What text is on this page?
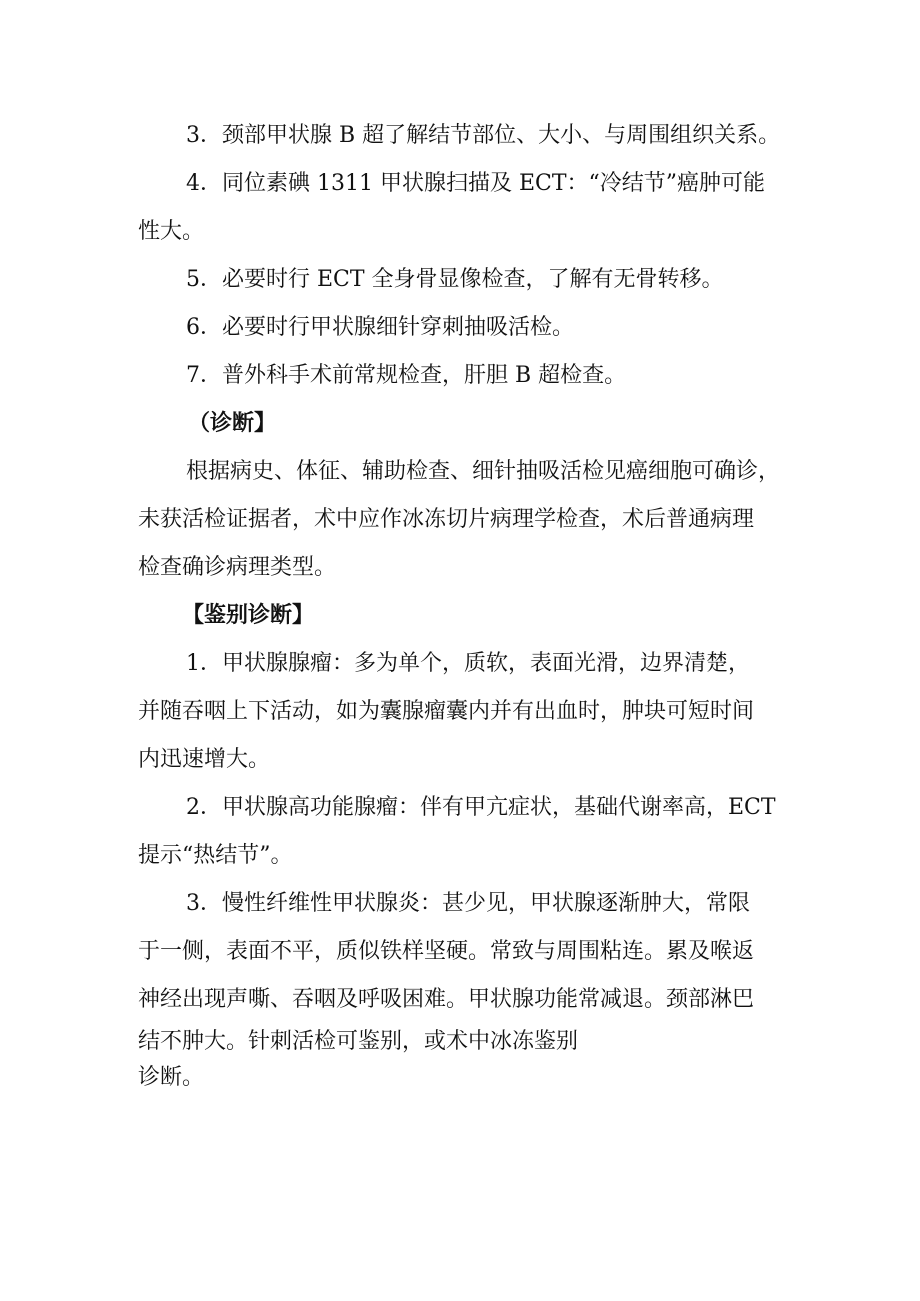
3．颈部甲状腺 B 超了解结节部位、大小、与周围组织关系。
4．同位素碘 1311 甲状腺扫描及 ECT：“冷结节”癌肿可能
性大。
5．必要时行 ECT 全身骨显像检查，了解有无骨转移。
6．必要时行甲状腺细针穿刺抽吸活检。
7．普外科手术前常规检查，肝胆 B 超检查。
（诊断】
根据病史、体征、辅助检查、细针抽吸活检见癌细胞可确诊，
未获活检证据者，术中应作冰冻切片病理学检查，术后普通病理
检查确诊病理类型。
【鉴别诊断】
1．甲状腺腺瘤：多为单个，质软，表面光滑，边界清楚，
并随吞咽上下活动，如为囊腺瘤囊内并有出血时，肿块可短时间
内迅速增大。
2．甲状腺高功能腺瘤：伴有甲亢症状，基础代谢率高，ECT
提示“热结节”。
3．慢性纤维性甲状腺炎：甚少见，甲状腺逐渐肿大，常限
于一侧，表面不平，质似铁样坚硬。常致与周围粘连。累及喉返
神经出现声嘶、吞咽及呼吸困难。甲状腺功能常减退。颈部淋巴
结不肿大。针刺活检可鉴别，或术中冰冻鉴别
诊断。
